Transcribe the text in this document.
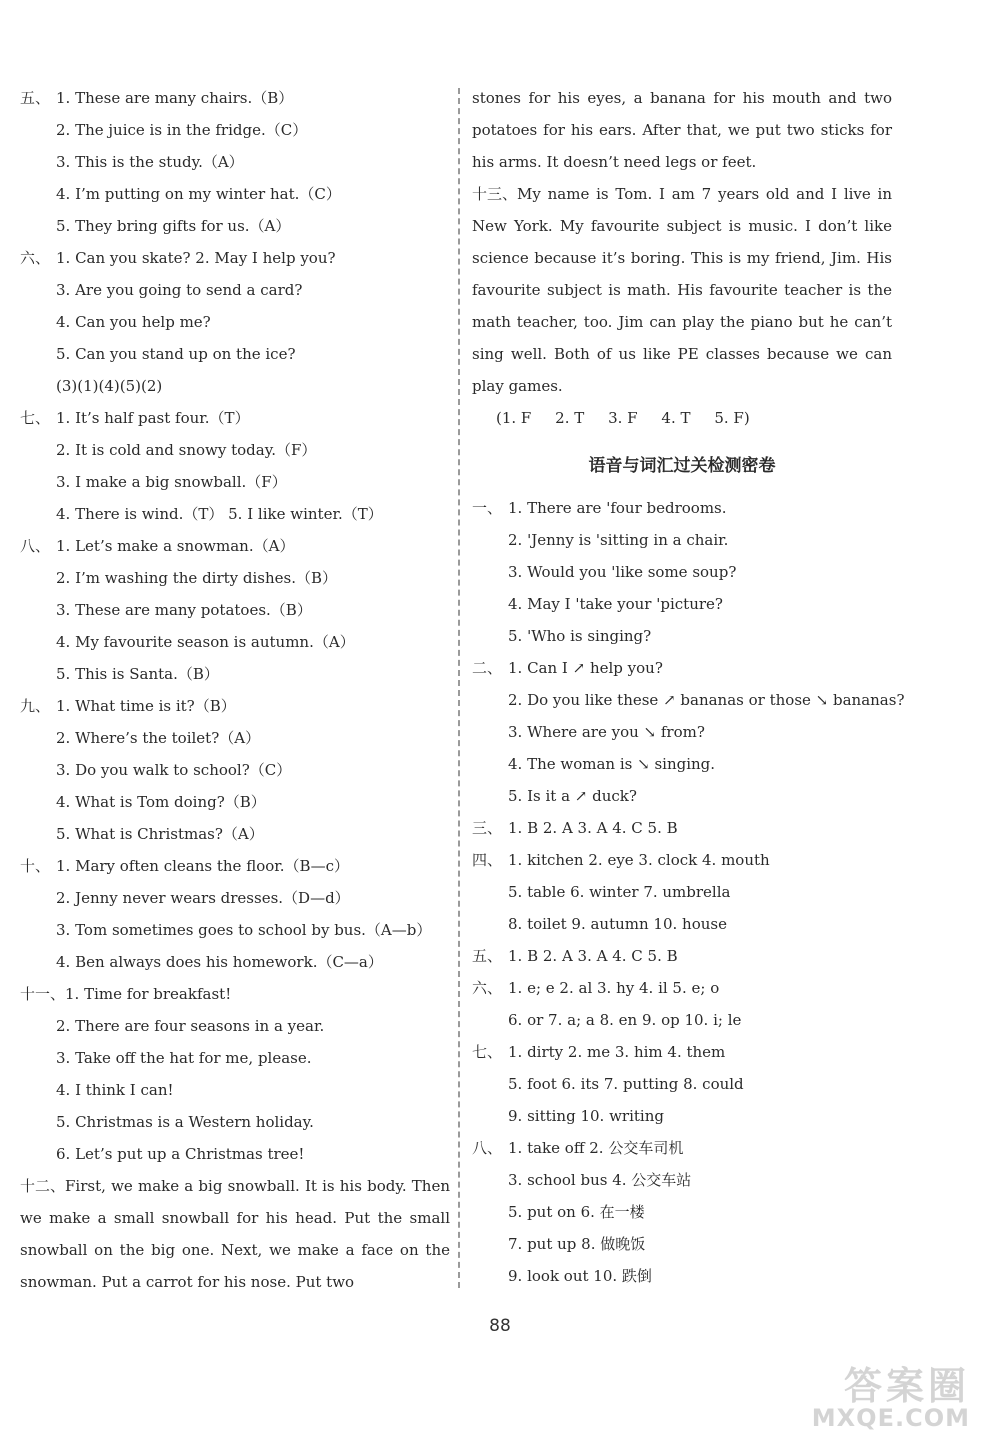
五、 1. These are many chairs.（B）
2. The juice is in the fridge.（C）
3. This is the study.（A）
4. I’m putting on my winter hat.（C）
5. They bring gifts for us.（A）
六、 1. Can you skate? 2. May I help you?
3. Are you going to send a card?
4. Can you help me?
5. Can you stand up on the ice?
(3)(1)(4)(5)(2)
七、 1. It’s half past four.（T）
2. It is cold and snowy today.（F）
3. I make a big snowball.（F）
4. There is wind.（T） 5. I like winter.（T）
八、 1. Let’s make a snowman.（A）
2. I’m washing the dirty dishes.（B）
3. These are many potatoes.（B）
4. My favourite season is autumn.（A）
5. This is Santa.（B）
九、 1. What time is it?（B）
2. Where’s the toilet?（A）
3. Do you walk to school?（C）
4. What is Tom doing?（B）
5. What is Christmas?（A）
十、 1. Mary often cleans the floor.（B—c）
2. Jenny never wears dresses.（D—d）
3. Tom sometimes goes to school by bus.（A—b）
4. Ben always does his homework.（C—a）
十一、1. Time for breakfast!
2. There are four seasons in a year.
3. Take off the hat for me, please.
4. I think I can!
5. Christmas is a Western holiday.
6. Let’s put up a Christmas tree!
十二、First, we make a big snowball. It is his body. Then we make a small snowball for his head. Put the small snowball on the big one. Next, we make a face on the snowman. Put a carrot for his nose. Put two
stones for his eyes, a banana for his mouth and two potatoes for his ears. After that, we put two sticks for his arms. It doesn’t need legs or feet.
十三、My name is Tom. I am 7 years old and I live in New York. My favourite subject is music. I don’t like science because it’s boring. This is my friend, Jim. His favourite subject is math. His favourite teacher is the math teacher, too. Jim can play the piano but he can’t sing well. Both of us like PE classes because we can play games.
(1. F     2. T     3. F     4. T     5. F)
语音与词汇过关检测密卷
一、 1. There are 'four bedrooms.
2. 'Jenny is 'sitting in a chair.
3. Would you 'like some soup?
4. May I 'take your 'picture?
5. 'Who is singing?
二、 1. Can I ↗ help you?
2. Do you like these ↗ bananas or those ↘ bananas?
3. Where are you ↘ from?
4. The woman is ↘ singing.
5. Is it a ↗ duck?
三、 1. B 2. A 3. A 4. C 5. B
四、 1. kitchen 2. eye 3. clock 4. mouth
5. table 6. winter 7. umbrella
8. toilet 9. autumn 10. house
五、 1. B 2. A 3. A 4. C 5. B
六、 1. e; e 2. al 3. hy 4. il 5. e; o
6. or 7. a; a 8. en 9. op 10. i; le
七、 1. dirty 2. me 3. him 4. them
5. foot 6. its 7. putting 8. could
9. sitting 10. writing
八、 1. take off 2. 公交车司机
3. school bus 4. 公交车站
5. put on 6. 在一楼
7. put up 8. 做晚饭
9. look out 10. 跌倒
88
答案圈
MXQE.COM
